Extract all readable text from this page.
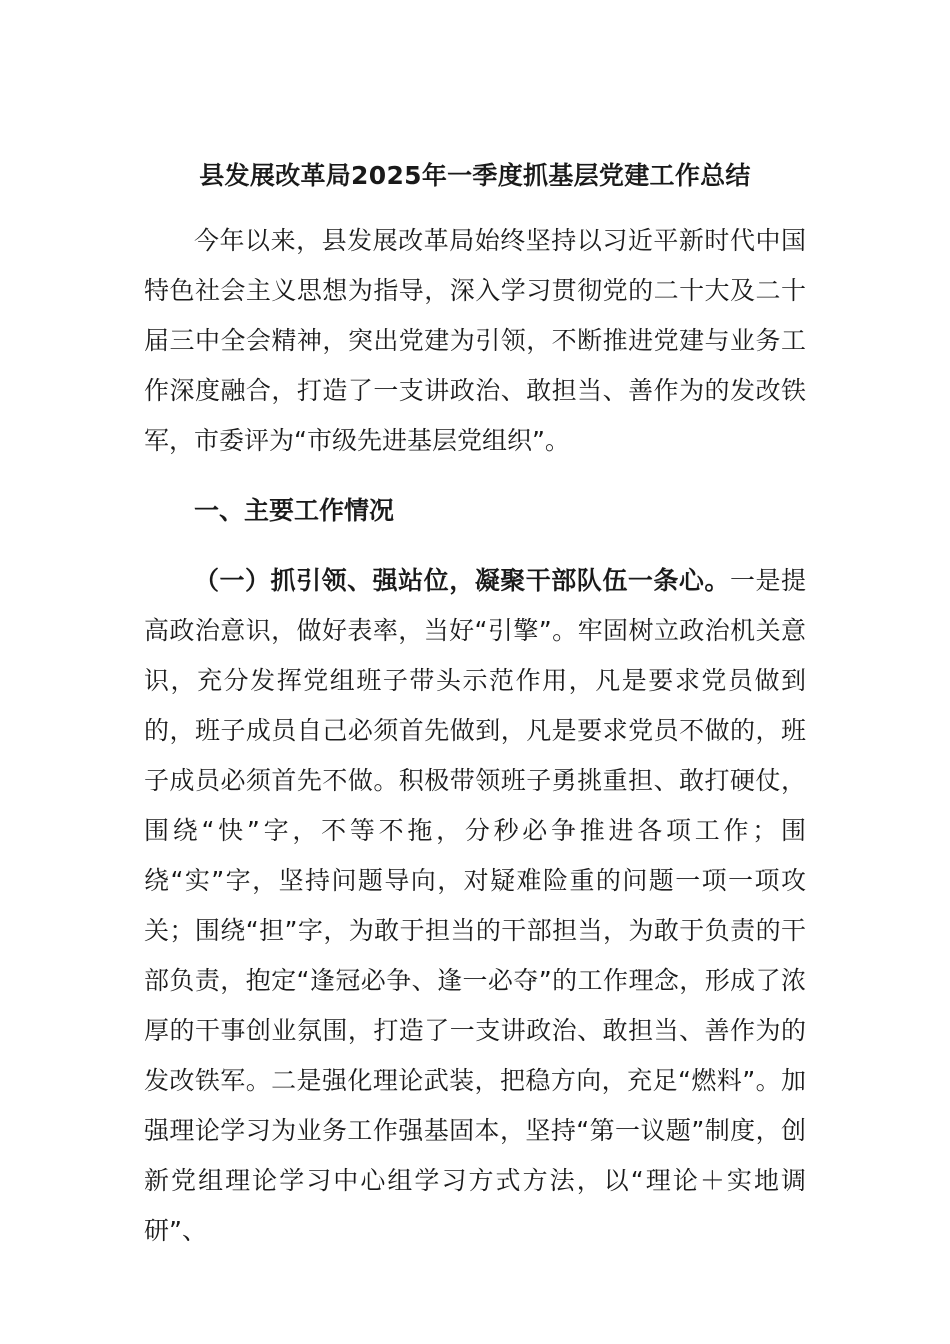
县发展改革局2025年一季度抓基层党建工作总结

今年以来，县发展改革局始终坚持以习近平新时代中国特色社会主义思想为指导，深入学习贯彻党的二十大及二十届三中全会精神，突出党建为引领，不断推进党建与业务工作深度融合，打造了一支讲政治、敢担当、善作为的发改铁军，市委评为“市级先进基层党组织”。

一、主要工作情况

（一）抓引领、强站位，凝聚干部队伍一条心。一是提高政治意识，做好表率，当好“引擎”。牢固树立政治机关意识，充分发挥党组班子带头示范作用，凡是要求党员做到的，班子成员自己必须首先做到，凡是要求党员不做的，班子成员必须首先不做。积极带领班子勇挑重担、敢打硬仗，围绕“快”字，不等不拖，分秒必争推进各项工作；围绕“实”字，坚持问题导向，对疑难险重的问题一项一项攻关；围绕“担”字，为敢于担当的干部担当，为敢于负责的干部负责，抱定“逢冠必争、逢一必夺”的工作理念，形成了浓厚的干事创业氛围，打造了一支讲政治、敢担当、善作为的发改铁军。二是强化理论武装，把稳方向，充足“燃料”。加强理论学习为业务工作强基固本，坚持“第一议题”制度，创新党组理论学习中心组学习方式方法，以“理论＋实地调研”、
